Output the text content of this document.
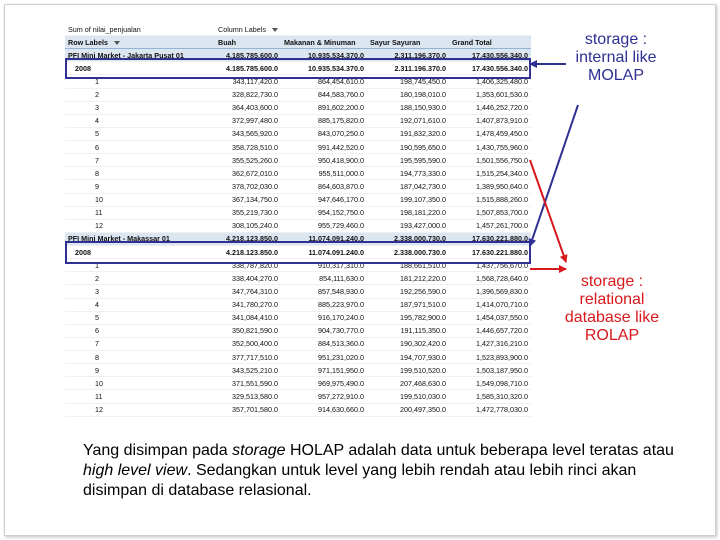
Sum of nilai_penjualan	Column Labels			
Row Labels	Buah	Makanan & Minuman	Sayur Sayuran	Grand Total
PFI Mini Market - Jakarta Pusat 01	4.185.785.600.0	10.935.534.370.0	2.311.196.370.0	17.430.556.340.0
2008	4.185.785.600.0	10.935.534.370.0	2.311.196.370.0	17.430.556.340.0
1	343,117,420.0	864,454,610.0	198,745,450.0	1,406,325,480.0
2	328,822,730.0	844,583,760.0	180,198,010.0	1,353,601,530.0
3	364,403,600.0	891,602,200.0	188,150,930.0	1,446,252,720.0
4	372,997,480.0	885,175,820.0	192,071,610.0	1,407,873,910.0
5	343,565,920.0	843,070,250.0	191,832,320.0	1,478,459,450.0
6	358,728,510.0	991,442,520.0	190,595,650.0	1,430,755,960.0
7	355,525,260.0	950,418,900.0	195,595,590.0	1,501,556,750.0
8	362,672,010.0	955,511,000.0	194,773,330.0	1,515,254,340.0
9	378,702,030.0	864,603,870.0	187,042,730.0	1,389,950,640.0
10	367,134,750.0	947,646,170.0	199,107,350.0	1,515,888,260.0
11	355,219,730.0	954,152,750.0	198,181,220.0	1,507,853,700.0
12	308,105,240.0	955,729,460.0	193,427,000.0	1,457,261,700.0
PFI Mini Market - Makassar 01	4.218.123.850.0	11.074.091.240.0	2.338.000.730.0	17.630.221.880.0
2008	4.218.123.850.0	11.074.091.240.0	2.338.000.730.0	17.630.221.880.0
1	338,787,820.0	910,317,310.0	188,661,510.0	1,437,756,670.0
2	338,404,270.0	854,111,630.0	181,212,220.0	1,568,728,640.0
3	347,764,310.0	857,548,930.0	192,256,590.0	1,396,569,830.0
4	341,780,270.0	885,223,970.0	187,971,510.0	1,414,070,710.0
5	341,084,410.0	916,170,240.0	195,782,900.0	1,454,037,550.0
6	350,821,590.0	904,730,770.0	191,115,350.0	1,446,657,720.0
7	352,500,400.0	884,513,360.0	190,302,420.0	1,427,316,210.0
8	377,717,510.0	951,231,020.0	194,707,930.0	1,523,893,900.0
9	343,525,210.0	971,151,950.0	199,510,520.0	1,503,187,950.0
10	371,551,590.0	969,975,490.0	207,468,630.0	1,549,098,710.0
11	329,513,580.0	957,272,910.0	199,510,030.0	1,585,310,320.0
12	357,701,580.0	914,630,660.0	200,497,350.0	1,472,778,030.0
storage : internal like MOLAP
storage : relational database like ROLAP
Yang disimpan pada storage HOLAP adalah data untuk beberapa level teratas atau high level view. Sedangkan untuk level yang lebih rendah atau lebih rinci akan disimpan di database relasional.
